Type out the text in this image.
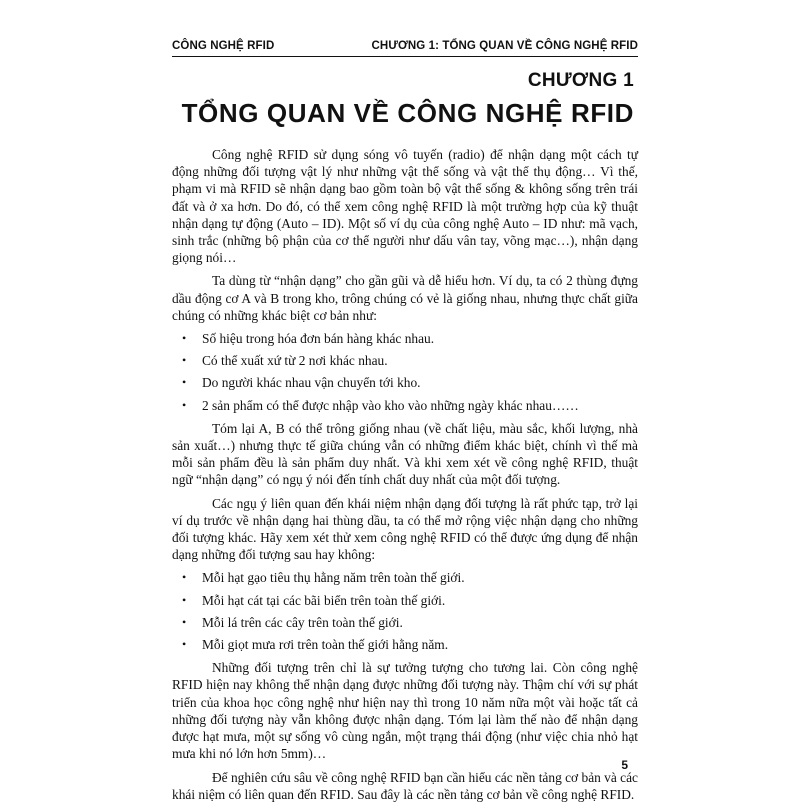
CÔNG NGHỆ RFID	CHƯƠNG 1: TỔNG QUAN VỀ CÔNG NGHỆ RFID
CHƯƠNG 1
TỔNG QUAN VỀ CÔNG NGHỆ RFID

Công nghệ RFID sử dụng sóng vô tuyến (radio) để nhận dạng một cách tự động những đối tượng vật lý như những vật thể sống và vật thể thụ động… Vì thế, phạm vi mà RFID sẽ nhận dạng bao gồm toàn bộ vật thể sống & không sống trên trái đất và ở xa hơn. Do đó, có thể xem công nghệ RFID là một trường hợp của kỹ thuật nhận dạng tự động (Auto – ID). Một số ví dụ của công nghệ Auto – ID như: mã vạch, sinh trắc (những bộ phận của cơ thể người như dấu vân tay, võng mạc…), nhận dạng giọng nói…

Ta dùng từ “nhận dạng” cho gần gũi và dễ hiểu hơn. Ví dụ, ta có 2 thùng đựng dầu động cơ A và B trong kho, trông chúng có vẻ là giống nhau, nhưng thực chất giữa chúng có những khác biệt cơ bản như:

• Số hiệu trong hóa đơn bán hàng khác nhau.
• Có thể xuất xứ từ 2 nơi khác nhau.
• Do người khác nhau vận chuyển tới kho.
• 2 sản phẩm có thể được nhập vào kho vào những ngày khác nhau……

Tóm lại A, B có thể trông giống nhau (về chất liệu, màu sắc, khối lượng, nhà sản xuất…) nhưng thực tế giữa chúng vẫn có những điểm khác biệt, chính vì thế mà mỗi sản phẩm đều là sản phẩm duy nhất. Và khi xem xét về công nghệ RFID, thuật ngữ “nhận dạng” có ngụ ý nói đến tính chất duy nhất của một đối tượng.

Các ngụ ý liên quan đến khái niệm nhận dạng đối tượng là rất phức tạp, trở lại ví dụ trước về nhận dạng hai thùng dầu, ta có thể mở rộng việc nhận dạng cho những đối tượng khác. Hãy xem xét thử xem công nghệ RFID có thể được ứng dụng để nhận dạng những đối tượng sau hay không:

• Mỗi hạt gạo tiêu thụ hằng năm trên toàn thế giới.
• Mỗi hạt cát tại các bãi biển trên toàn thế giới.
• Mỗi lá trên các cây trên toàn thế giới.
• Mỗi giọt mưa rơi trên toàn thế giới hằng năm.

Những đối tượng trên chỉ là sự tưởng tượng cho tương lai. Còn công nghệ RFID hiện nay không thể nhận dạng được những đối tượng này. Thậm chí với sự phát triển của khoa học công nghệ như hiện nay thì trong 10 năm nữa một vài hoặc tất cả những đối tượng này vẫn không được nhận dạng. Tóm lại làm thế nào để nhận dạng được hạt mưa, một sự sống vô cùng ngắn, một trạng thái động (như việc chia nhỏ hạt mưa khi nó lớn hơn 5mm)…

Để nghiên cứu sâu về công nghệ RFID bạn cần hiểu các nền tảng cơ bản và các khái niệm có liên quan đến RFID. Sau đây là các nền tảng cơ bản về công nghệ RFID.

5
